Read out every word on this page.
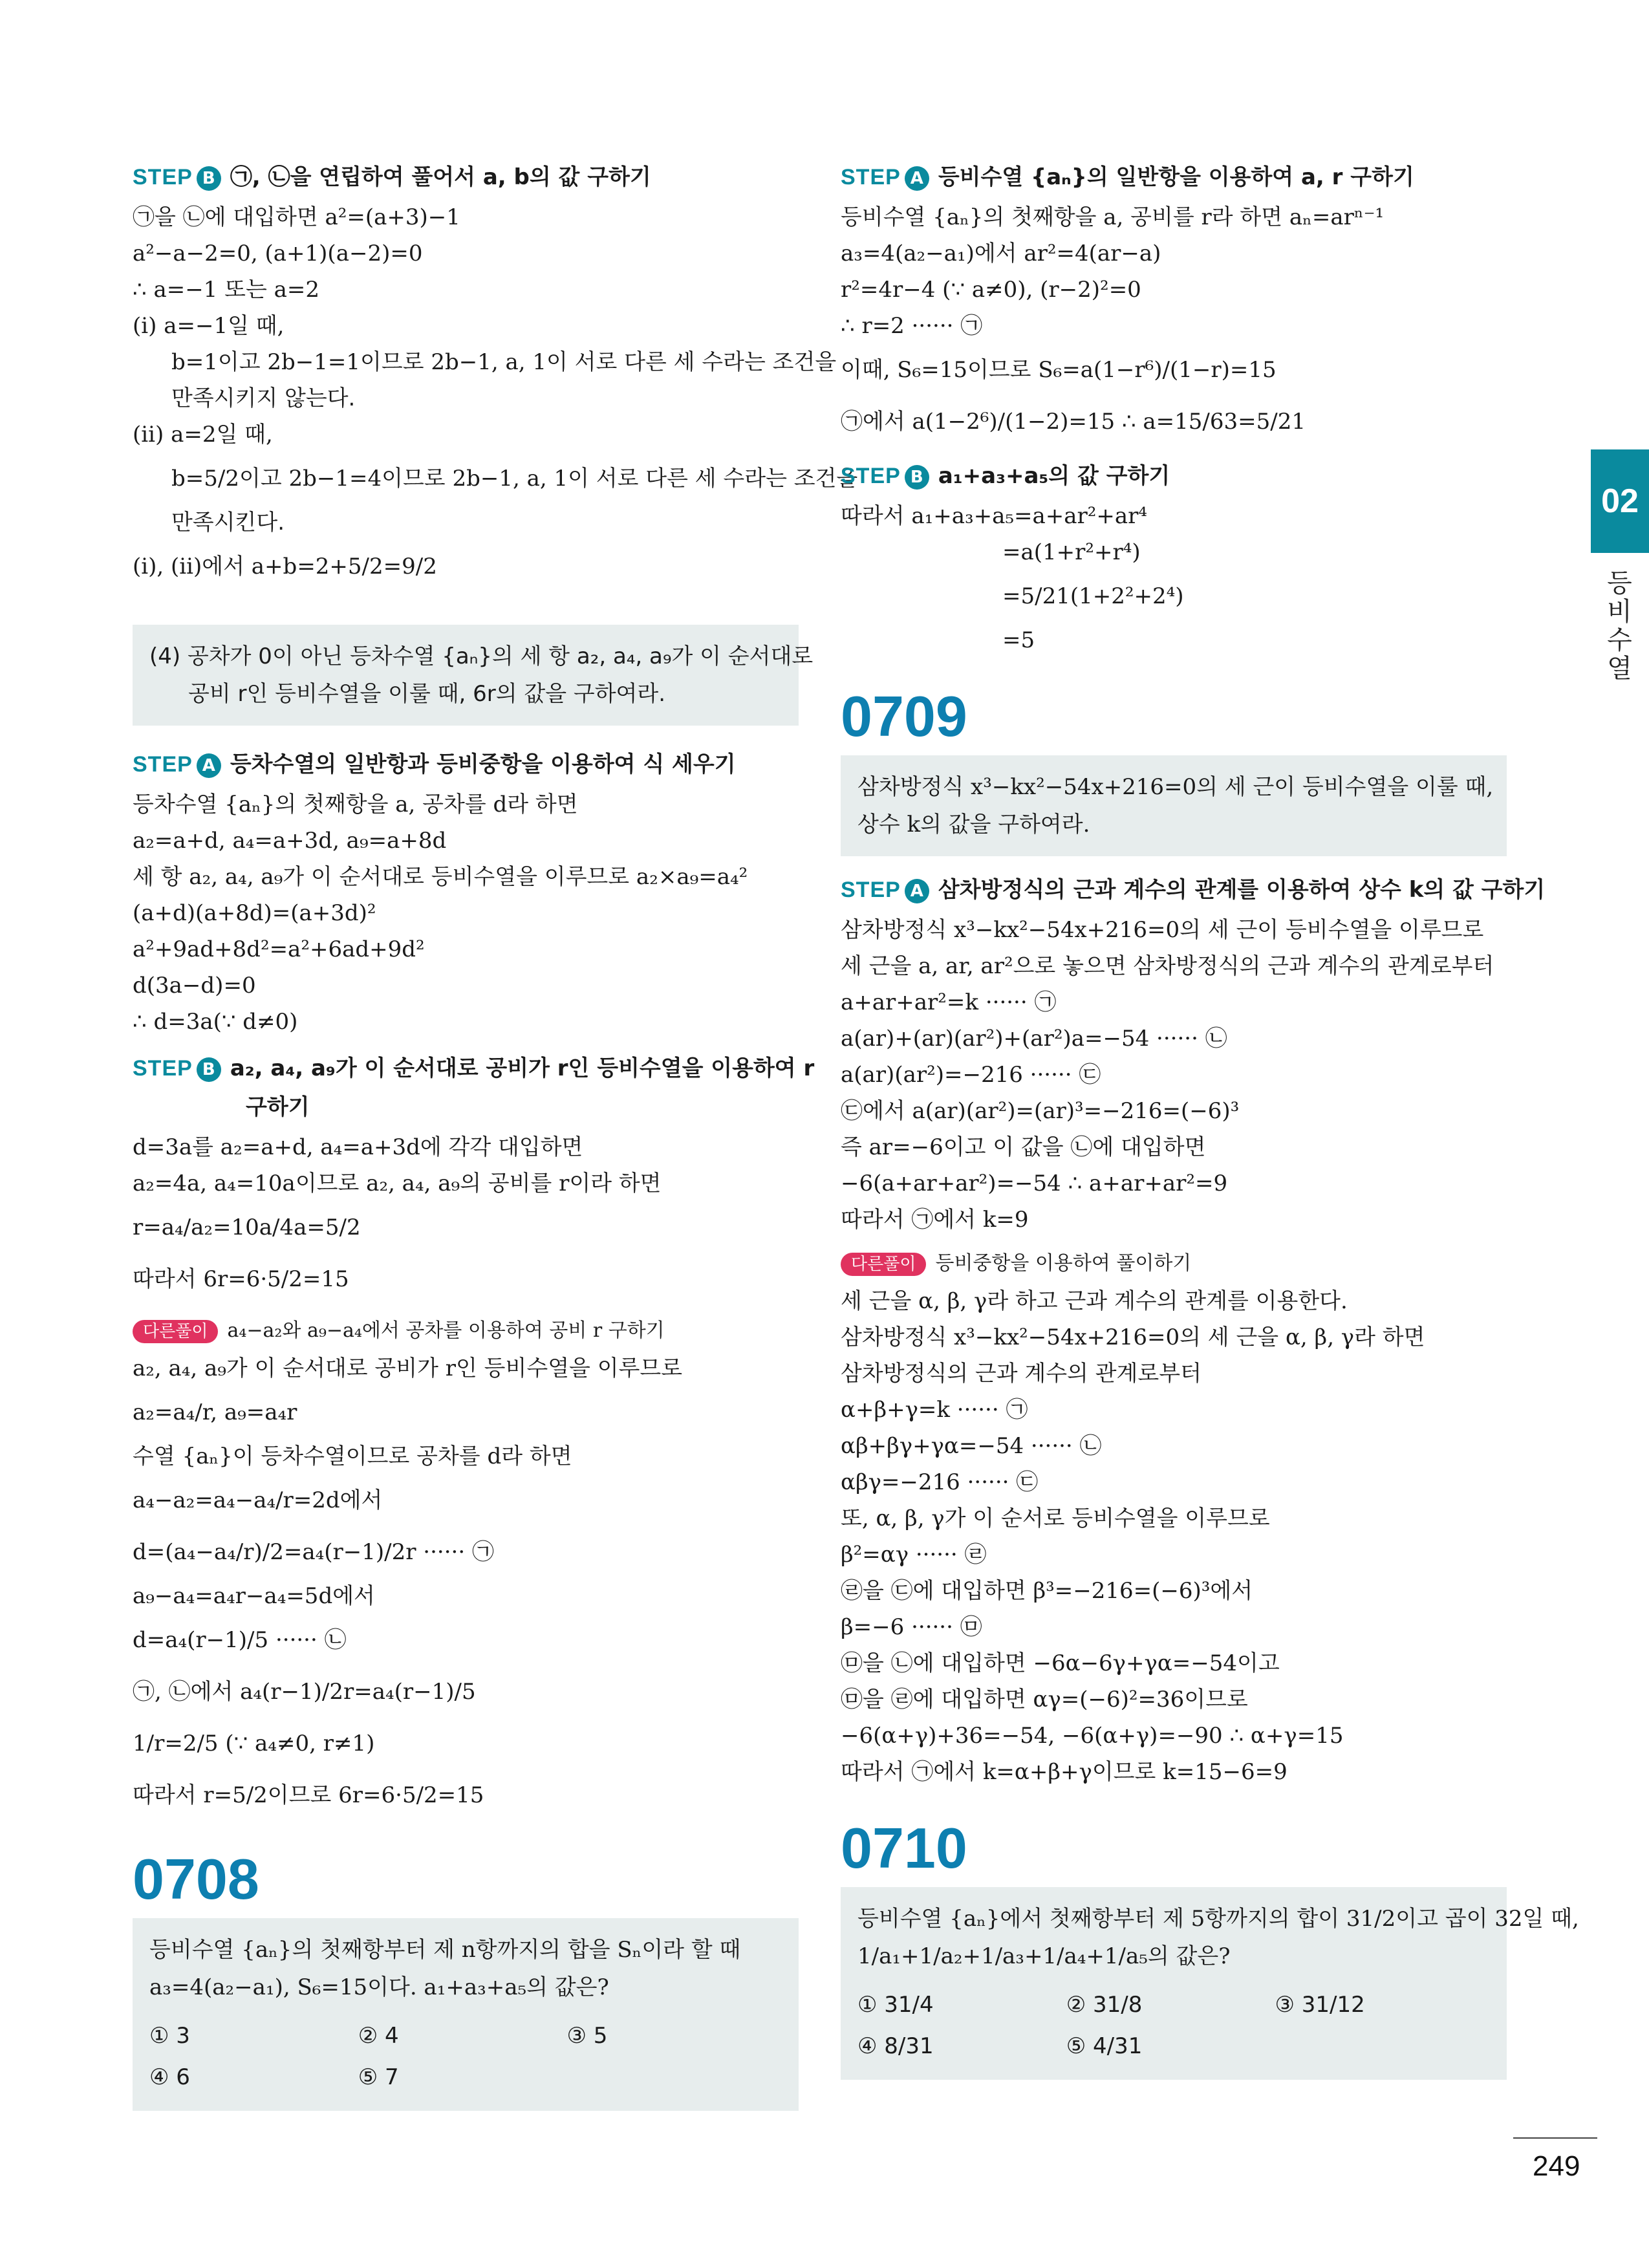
STEP B ㉠, ㉡을 연립하여 풀어서 a, b의 값 구하기
㉠을 ㉡에 대입하면 a²=(a+3)−1
a²−a−2=0, (a+1)(a−2)=0
∴ a=−1 또는 a=2
(ⅰ) a=−1일 때,
b=1이고 2b−1=1이므로 2b−1, a, 1이 서로 다른 세 수라는 조건을
만족시키지 않는다.
(ⅱ) a=2일 때,
b=5/2이고 2b−1=4이므로 2b−1, a, 1이 서로 다른 세 수라는 조건을
만족시킨다.
(ⅰ), (ⅱ)에서 a+b=2+5/2=9/2
(4) 공차가 0이 아닌 등차수열 {aₙ}의 세 항 a₂, a₄, a₉가 이 순서대로
공비 r인 등비수열을 이룰 때, 6r의 값을 구하여라.
STEP A 등차수열의 일반항과 등비중항을 이용하여 식 세우기
등차수열 {aₙ}의 첫째항을 a, 공차를 d라 하면
a₂=a+d, a₄=a+3d, a₉=a+8d
세 항 a₂, a₄, a₉가 이 순서대로 등비수열을 이루므로 a₂×a₉=a₄²
(a+d)(a+8d)=(a+3d)²
a²+9ad+8d²=a²+6ad+9d²
d(3a−d)=0
∴ d=3a(∵ d≠0)
STEP B a₂, a₄, a₉가 이 순서대로 공비가 r인 등비수열을 이용하여 r
구하기
d=3a를 a₂=a+d, a₄=a+3d에 각각 대입하면
a₂=4a, a₄=10a이므로 a₂, a₄, a₉의 공비를 r이라 하면
r=a₄/a₂=10a/4a=5/2
따라서 6r=6·5/2=15
다른풀이 a₄−a₂와 a₉−a₄에서 공차를 이용하여 공비 r 구하기
a₂, a₄, a₉가 이 순서대로 공비가 r인 등비수열을 이루므로
a₂=a₄/r, a₉=a₄r
수열 {aₙ}이 등차수열이므로 공차를 d라 하면
a₄−a₂=a₄−a₄/r=2d에서
d=(a₄−a₄/r)/2=a₄(r−1)/2r ······ ㉠
a₉−a₄=a₄r−a₄=5d에서
d=a₄(r−1)/5 ······ ㉡
㉠, ㉡에서 a₄(r−1)/2r=a₄(r−1)/5
1/r=2/5 (∵ a₄≠0, r≠1)
따라서 r=5/2이므로 6r=6·5/2=15
0708
등비수열 {aₙ}의 첫째항부터 제 n항까지의 합을 Sₙ이라 할 때
a₃=4(a₂−a₁), S₆=15이다. a₁+a₃+a₅의 값은?
① 3	② 4	③ 5
④ 6	⑤ 7
STEP A 등비수열 {aₙ}의 일반항을 이용하여 a, r 구하기
등비수열 {aₙ}의 첫째항을 a, 공비를 r라 하면 aₙ=arⁿ⁻¹
a₃=4(a₂−a₁)에서 ar²=4(ar−a)
r²=4r−4 (∵ a≠0), (r−2)²=0
∴ r=2 ······ ㉠
이때, S₆=15이므로 S₆=a(1−r⁶)/(1−r)=15
㉠에서 a(1−2⁶)/(1−2)=15 ∴ a=15/63=5/21
STEP B a₁+a₃+a₅의 값 구하기
따라서 a₁+a₃+a₅=a+ar²+ar⁴
=a(1+r²+r⁴)
=5/21(1+2²+2⁴)
=5
0709
삼차방정식 x³−kx²−54x+216=0의 세 근이 등비수열을 이룰 때,
상수 k의 값을 구하여라.
STEP A 삼차방정식의 근과 계수의 관계를 이용하여 상수 k의 값 구하기
삼차방정식 x³−kx²−54x+216=0의 세 근이 등비수열을 이루므로
세 근을 a, ar, ar²으로 놓으면 삼차방정식의 근과 계수의 관계로부터
a+ar+ar²=k ······ ㉠
a(ar)+(ar)(ar²)+(ar²)a=−54 ······ ㉡
a(ar)(ar²)=−216 ······ ㉢
㉢에서 a(ar)(ar²)=(ar)³=−216=(−6)³
즉 ar=−6이고 이 값을 ㉡에 대입하면
−6(a+ar+ar²)=−54 ∴ a+ar+ar²=9
따라서 ㉠에서 k=9
다른풀이 등비중항을 이용하여 풀이하기
세 근을 α, β, γ라 하고 근과 계수의 관계를 이용한다.
삼차방정식 x³−kx²−54x+216=0의 세 근을 α, β, γ라 하면
삼차방정식의 근과 계수의 관계로부터
α+β+γ=k ······ ㉠
αβ+βγ+γα=−54 ······ ㉡
αβγ=−216 ······ ㉢
또, α, β, γ가 이 순서로 등비수열을 이루므로
β²=αγ ······ ㉣
㉣을 ㉢에 대입하면 β³=−216=(−6)³에서
β=−6 ······ ㉤
㉤을 ㉡에 대입하면 −6α−6γ+γα=−54이고
㉤을 ㉣에 대입하면 αγ=(−6)²=36이므로
−6(α+γ)+36=−54, −6(α+γ)=−90 ∴ α+γ=15
따라서 ㉠에서 k=α+β+γ이므로 k=15−6=9
0710
등비수열 {aₙ}에서 첫째항부터 제 5항까지의 합이 31/2이고 곱이 32일 때,
1/a₁+1/a₂+1/a₃+1/a₄+1/a₅의 값은?
① 31/4	② 31/8	③ 31/12
④ 8/31	⑤ 4/31
02
등비수열
249
